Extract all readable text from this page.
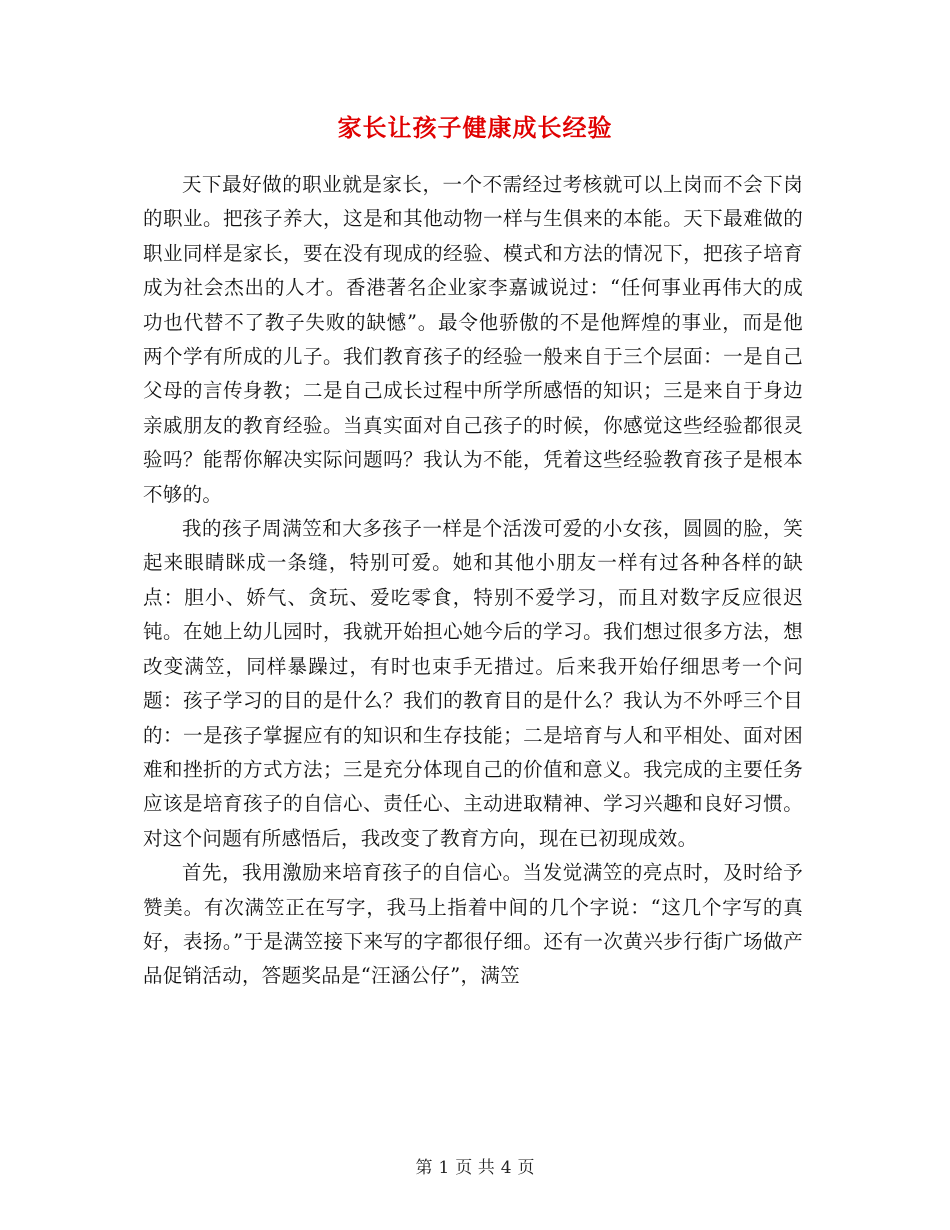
家长让孩子健康成长经验

天下最好做的职业就是家长，一个不需经过考核就可以上岗而不会下岗的职业。把孩子养大，这是和其他动物一样与生俱来的本能。天下最难做的职业同样是家长，要在没有现成的经验、模式和方法的情况下，把孩子培育成为社会杰出的人才。香港著名企业家李嘉诚说过：“任何事业再伟大的成功也代替不了教子失败的缺憾”。最令他骄傲的不是他辉煌的事业，而是他两个学有所成的儿子。我们教育孩子的经验一般来自于三个层面：一是自己父母的言传身教；二是自己成长过程中所学所感悟的知识；三是来自于身边亲戚朋友的教育经验。当真实面对自己孩子的时候，你感觉这些经验都很灵验吗？能帮你解决实际问题吗？我认为不能，凭着这些经验教育孩子是根本不够的。

我的孩子周满笠和大多孩子一样是个活泼可爱的小女孩，圆圆的脸，笑起来眼睛眯成一条缝，特别可爱。她和其他小朋友一样有过各种各样的缺点：胆小、娇气、贪玩、爱吃零食，特别不爱学习，而且对数字反应很迟钝。在她上幼儿园时，我就开始担心她今后的学习。我们想过很多方法，想改变满笠，同样暴躁过，有时也束手无措过。后来我开始仔细思考一个问题：孩子学习的目的是什么？我们的教育目的是什么？我认为不外呼三个目的：一是孩子掌握应有的知识和生存技能；二是培育与人和平相处、面对困难和挫折的方式方法；三是充分体现自己的价值和意义。我完成的主要任务应该是培育孩子的自信心、责任心、主动进取精神、学习兴趣和良好习惯。对这个问题有所感悟后，我改变了教育方向，现在已初现成效。

首先，我用激励来培育孩子的自信心。当发觉满笠的亮点时，及时给予赞美。有次满笠正在写字，我马上指着中间的几个字说：“这几个字写的真好，表扬。”于是满笠接下来写的字都很仔细。还有一次黄兴步行街广场做产品促销活动，答题奖品是“汪涵公仔”，满笠

第 1 页 共 4 页
